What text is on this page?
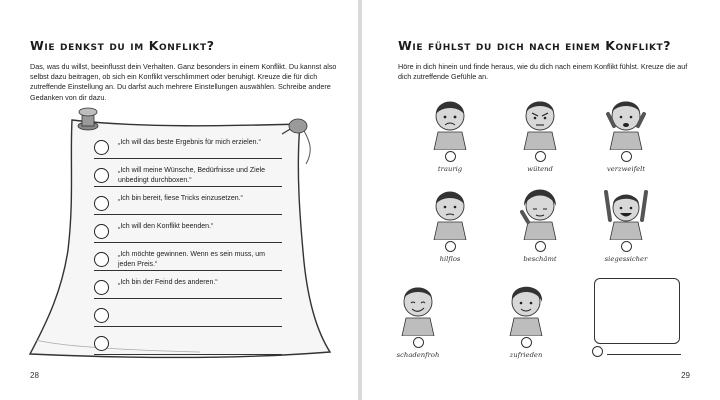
Wie denkst du im Konflikt?

Das, was du willst, beeinflusst dein Verhalten. Ganz besonders in einem Konflikt. Du kannst also selbst dazu beitragen, ob sich ein Konflikt verschlimmert oder beruhigt. Kreuze die für dich zutreffende Einstellung an. Du darfst auch mehrere Einstellungen auswählen. Schreibe andere Gedanken von dir dazu.

„Ich will das beste Ergebnis für mich erzielen.“
„Ich will meine Wünsche, Bedürfnisse und Ziele unbedingt durchboxen.“
„Ich bin bereit, fiese Tricks einzusetzen.“
„Ich will den Konflikt beenden.“
„Ich möchte gewinnen. Wenn es sein muss, um jeden Preis.“
„Ich bin der Feind des anderen.“
28
Wie fühlst du dich nach einem Konflikt?

Höre in dich hinein und finde heraus, wie du dich nach einem Konflikt fühlst. Kreuze die auf dich zutreffende Gefühle an.

traurig	wütend	verzweifelt
hilflos	beschämt	siegessicher
schadenfroh	zufrieden
29
